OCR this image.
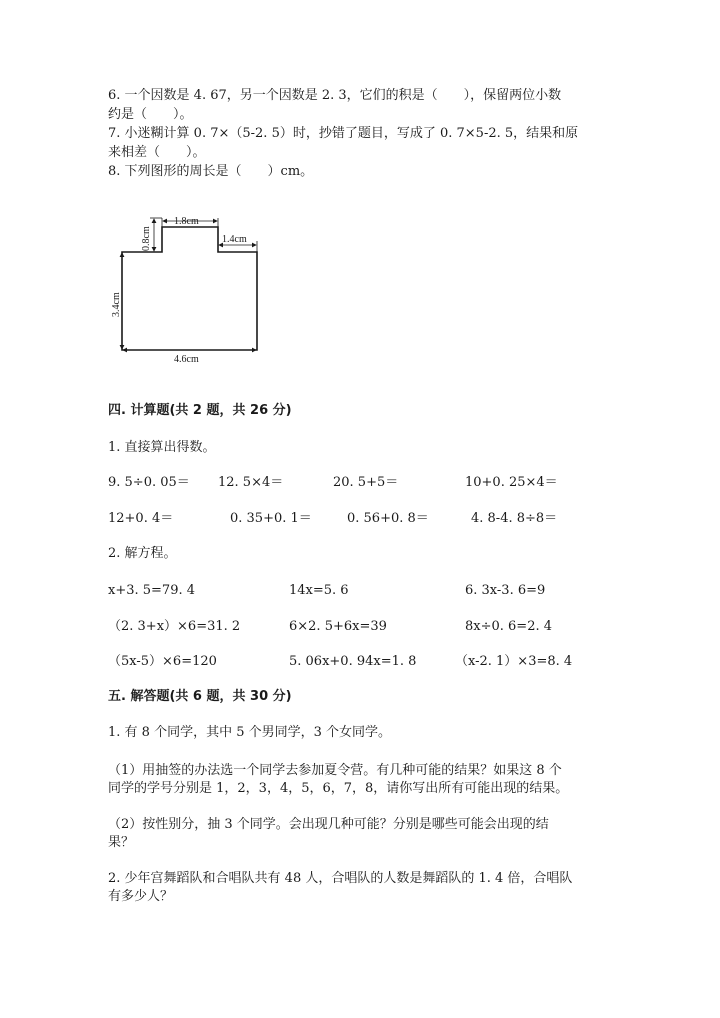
6. 一个因数是 4. 67，另一个因数是 2. 3，它们的积是（　　），保留两位小数
约是（　　）。
7. 小迷糊计算 0. 7×（5-2. 5）时，抄错了题目，写成了 0. 7×5-2. 5，结果和原
来相差（　　）。
8. 下列图形的周长是（　　）cm。
1.8cm
0.8cm	1.4cm
3.4cm
4.6cm
四. 计算题(共 2 题，共 26 分)
1. 直接算出得数。
9. 5÷0. 05＝ 12. 5×4＝	20. 5+5＝	10+0. 25×4＝
12+0. 4＝	0. 35+0. 1＝	0. 56+0. 8＝	4. 8-4. 8÷8＝
2. 解方程。
x+3. 5=79. 4	14x=5. 6	6. 3x-3. 6=9
（2. 3+x）×6=31. 2	6×2. 5+6x=39	8x÷0. 6=2. 4
（5x-5）×6=120	5. 06x+0. 94x=1. 8	（x-2. 1）×3=8. 4
五. 解答题(共 6 题，共 30 分)
1. 有 8 个同学，其中 5 个男同学，3 个女同学。
（1）用抽签的办法选一个同学去参加夏令营。有几种可能的结果？如果这 8 个
同学的学号分别是 1，2，3，4，5，6，7，8，请你写出所有可能出现的结果。
（2）按性别分，抽 3 个同学。会出现几种可能？分别是哪些可能会出现的结
果？
2. 少年宫舞蹈队和合唱队共有 48 人，合唱队的人数是舞蹈队的 1. 4 倍，合唱队
有多少人？
